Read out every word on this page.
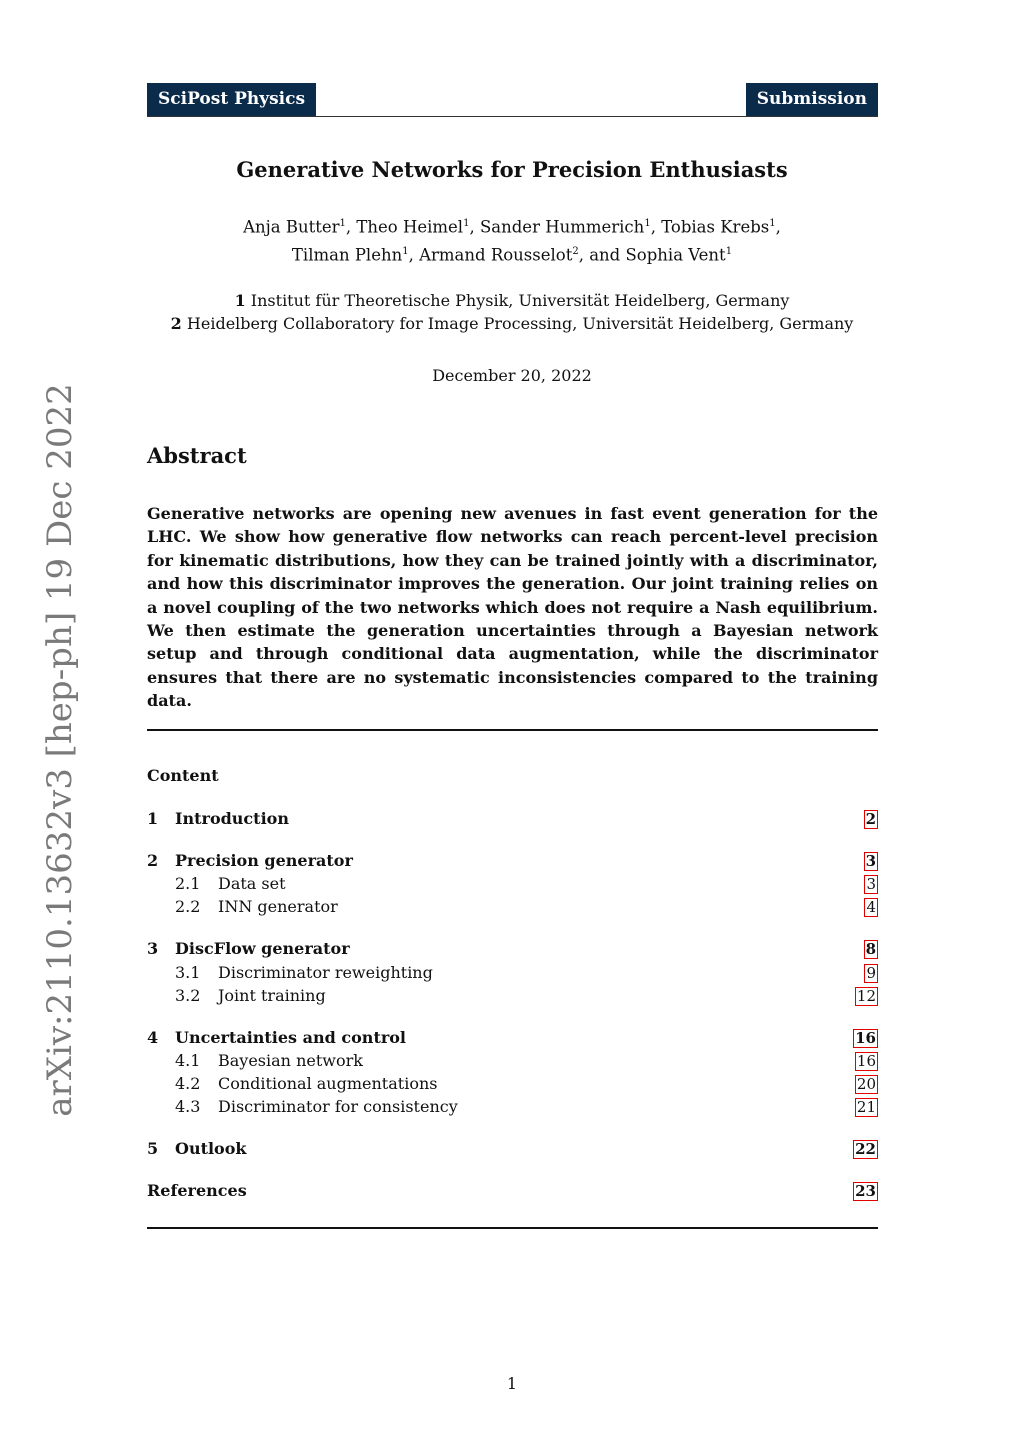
SciPost Physics	Submission
Generative Networks for Precision Enthusiasts
Anja Butter$^1$, Theo Heimel$^1$, Sander Hummerich$^1$, Tobias Krebs$^1$,
Tilman Plehn$^1$, Armand Rousselot$^2$, and Sophia Vent$^1$
1 Institut für Theoretische Physik, Universität Heidelberg, Germany
2 Heidelberg Collaboratory for Image Processing, Universität Heidelberg, Germany
December 20, 2022
Abstract
Generative networks are opening new avenues in fast event generation for the LHC. We show how generative flow networks can reach percent-level precision for kinematic distributions, how they can be trained jointly with a discriminator, and how this discriminator improves the generation. Our joint training relies on a novel coupling of the two networks which does not require a Nash equilibrium. We then estimate the generation uncertainties through a Bayesian network setup and through conditional data augmentation, while the discriminator ensures that there are no systematic inconsistencies compared to the training data.
Content
1 Introduction	2
2 Precision generator	3
2.1 Data set	3
2.2 INN generator	4
3 DiscFlow generator	8
3.1 Discriminator reweighting	9
3.2 Joint training	12
4 Uncertainties and control	16
4.1 Bayesian network	16
4.2 Conditional augmentations	20
4.3 Discriminator for consistency	21
5 Outlook	22
References	23
arXiv:2110.13632v3 [hep-ph] 19 Dec 2022
1
